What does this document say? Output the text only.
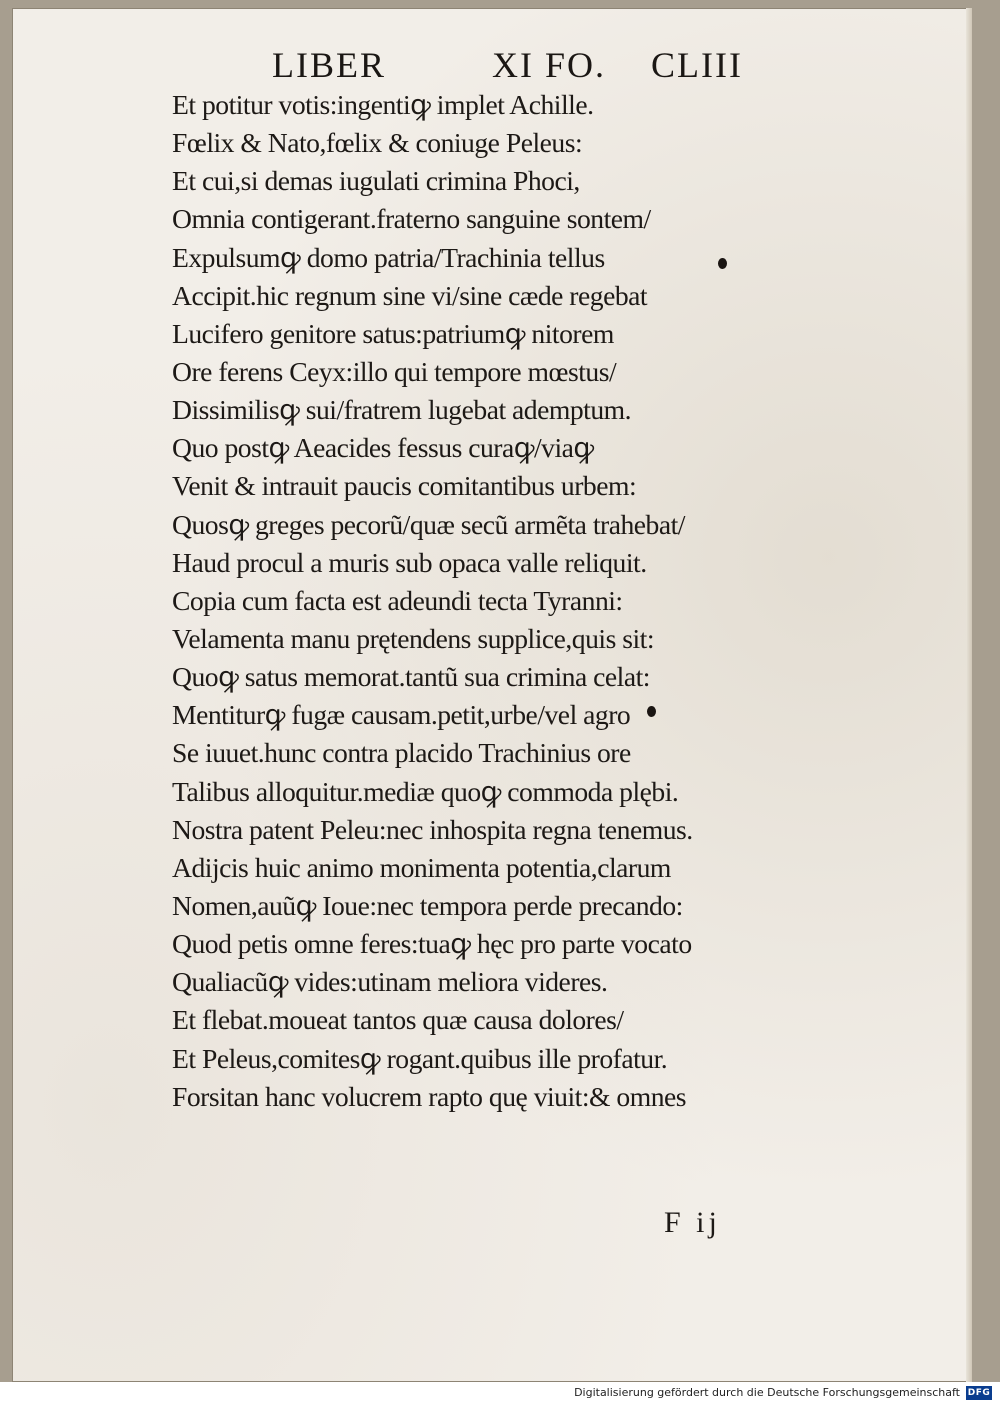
LIBER	XI FO. CLIII
Et potitur votis:ingentiꝙ implet Achille.
Fœlix & Nato,fœlix & coniuge Peleus:
Et cui,si demas iugulati crimina Phoci,
Omnia contigerant.fraterno sanguine sontem/
Expulsumꝙ domo patria/Trachinia tellus
Accipit.hic regnum sine vi/sine cæde regebat
Lucifero genitore satus:patriumꝙ nitorem
Ore ferens Ceyx:illo qui tempore mœstus/
Dissimilisꝙ sui/fratrem lugebat ademptum.
Quo postꝙ Aeacides fessus curaꝙ/viaꝙ
Venit & intrauit paucis comitantibus urbem:
Quosꝙ greges pecorũ/quæ secũ armẽta trahebat/
Haud procul a muris sub opaca valle reliquit.
Copia cum facta est adeundi tecta Tyranni:
Velamenta manu prętendens supplice,quis sit:
Quoꝙ satus memorat.tantũ sua crimina celat:
Mentiturꝙ fugæ causam.petit,urbe/vel agro
Se iuuet.hunc contra placido Trachinius ore
Talibus alloquitur.mediæ quoꝙ commoda plębi.
Nostra patent Peleu:nec inhospita regna tenemus.
Adijcis huic animo monimenta potentia,clarum
Nomen,auũꝙ Ioue:nec tempora perde precando:
Quod petis omne feres:tuaꝙ hęc pro parte vocato
Qualiacũꝙ vides:utinam meliora videres.
Et flebat.moueat tantos quæ causa dolores/
Et Peleus,comitesꝙ rogant.quibus ille profatur.
Forsitan hanc volucrem rapto quę viuit:& omnes
F ij
Digitalisierung gefördert durch die Deutsche Forschungsgemeinschaft DFG
